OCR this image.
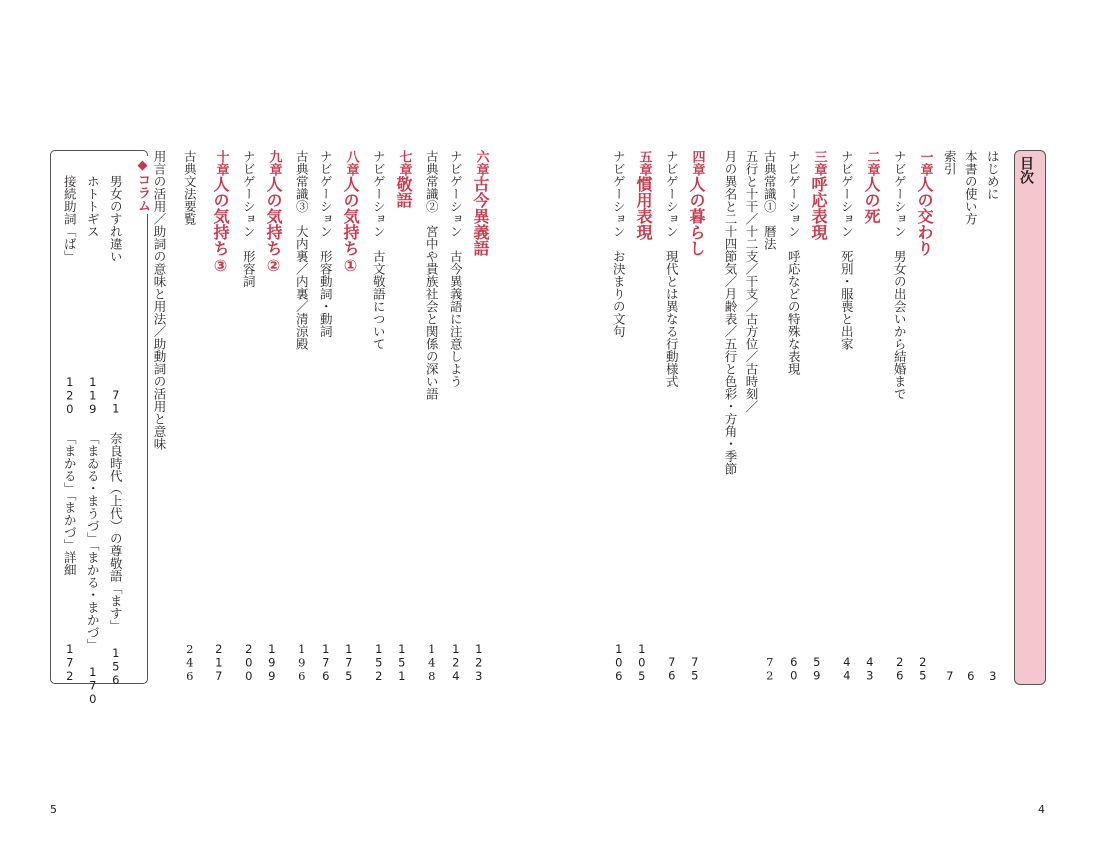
目次
はじめに
3
本書の使い方
6
索引
7
一章
人の交わり
25
ナビゲーション　男女の出会いから結婚まで
26
二章
人の死
43
ナビゲーション　死別・服喪と出家
44
三章
呼応表現
59
ナビゲーション　呼応などの特殊な表現
60
古典常識①　暦法
72
五行と十干／十二支／干支／古方位／古時刻／
月の異名と二十四節気／月齢表／五行と色彩・方角・季節
四章
人の暮らし
75
ナビゲーション　現代とは異なる行動様式
76
五章
慣用表現
105
ナビゲーション　お決まりの文句
106
六章
古今異義語
123
ナビゲーション　古今異義語に注意しよう
124
古典常識②　宮中や貴族社会と関係の深い語
148
七章
敬語
151
ナビゲーション　古文敬語について
152
八章
人の気持ち①
175
ナビゲーション　形容動詞・動詞
176
古典常識③　大内裏／内裏／清涼殿
196
九章
人の気持ち②
199
ナビゲーション　形容詞
200
十章
人の気持ち③
217
古典文法要覧
246
用言の活用／助詞の意味と用法／助動詞の活用と意味
◆コラム
男女のすれ違い
71
ホトトギス
119
接続助詞「ば」
120
奈良時代（上代）の尊敬語「ます」
156
「まゐる・まうづ」「まかる・まかづ」
170
「まかる」「まかづ」詳細
172
5	4
